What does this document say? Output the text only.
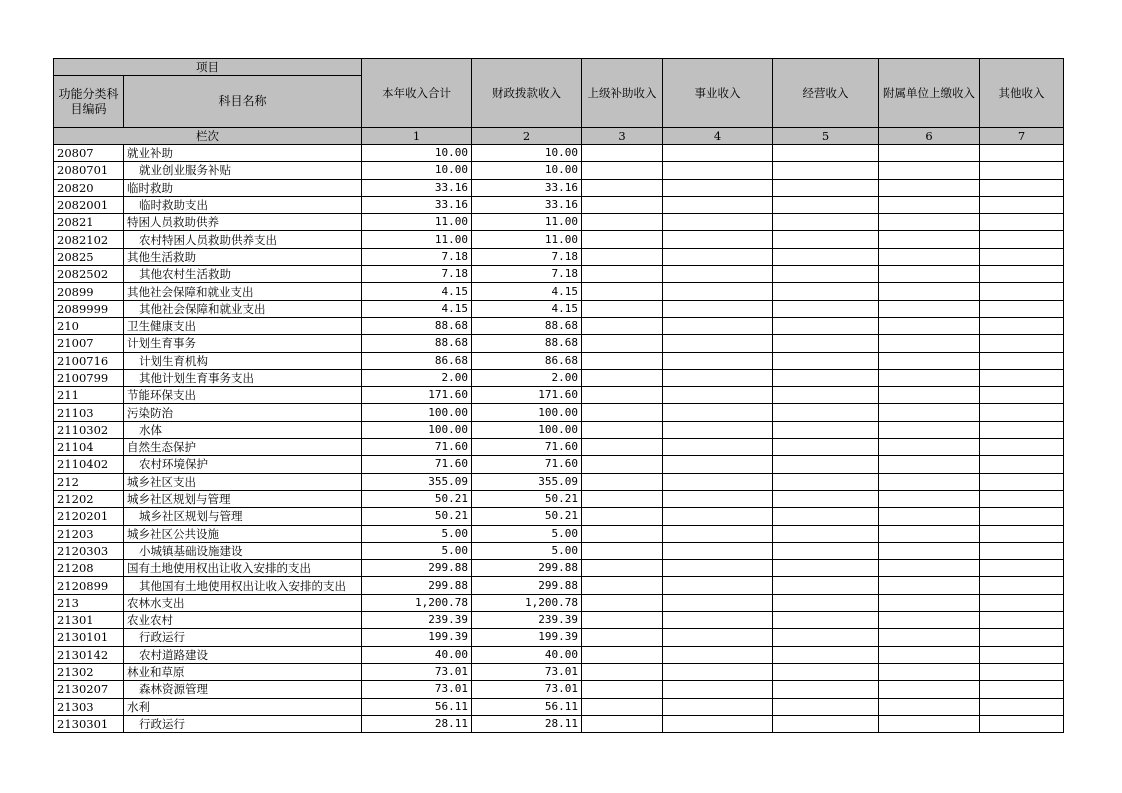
项目		本年收入合计	财政拨款收入	上级补助收入	事业收入	经营收入	附属单位上缴收入	其他收入
功能分类科目编码	科目名称							
栏次		1	2	3	4	5	6	7
20807	就业补助	10.00	10.00					
2080701	就业创业服务补贴	10.00	10.00					
20820	临时救助	33.16	33.16					
2082001	临时救助支出	33.16	33.16					
20821	特困人员救助供养	11.00	11.00					
2082102	农村特困人员救助供养支出	11.00	11.00					
20825	其他生活救助	7.18	7.18					
2082502	其他农村生活救助	7.18	7.18					
20899	其他社会保障和就业支出	4.15	4.15					
2089999	其他社会保障和就业支出	4.15	4.15					
210	卫生健康支出	88.68	88.68					
21007	计划生育事务	88.68	88.68					
2100716	计划生育机构	86.68	86.68					
2100799	其他计划生育事务支出	2.00	2.00					
211	节能环保支出	171.60	171.60					
21103	污染防治	100.00	100.00					
2110302	水体	100.00	100.00					
21104	自然生态保护	71.60	71.60					
2110402	农村环境保护	71.60	71.60					
212	城乡社区支出	355.09	355.09					
21202	城乡社区规划与管理	50.21	50.21					
2120201	城乡社区规划与管理	50.21	50.21					
21203	城乡社区公共设施	5.00	5.00					
2120303	小城镇基础设施建设	5.00	5.00					
21208	国有土地使用权出让收入安排的支出	299.88	299.88					
2120899	其他国有土地使用权出让收入安排的支出	299.88	299.88					
213	农林水支出	1,200.78	1,200.78					
21301	农业农村	239.39	239.39					
2130101	行政运行	199.39	199.39					
2130142	农村道路建设	40.00	40.00					
21302	林业和草原	73.01	73.01					
2130207	森林资源管理	73.01	73.01					
21303	水利	56.11	56.11					
2130301	行政运行	28.11	28.11					
